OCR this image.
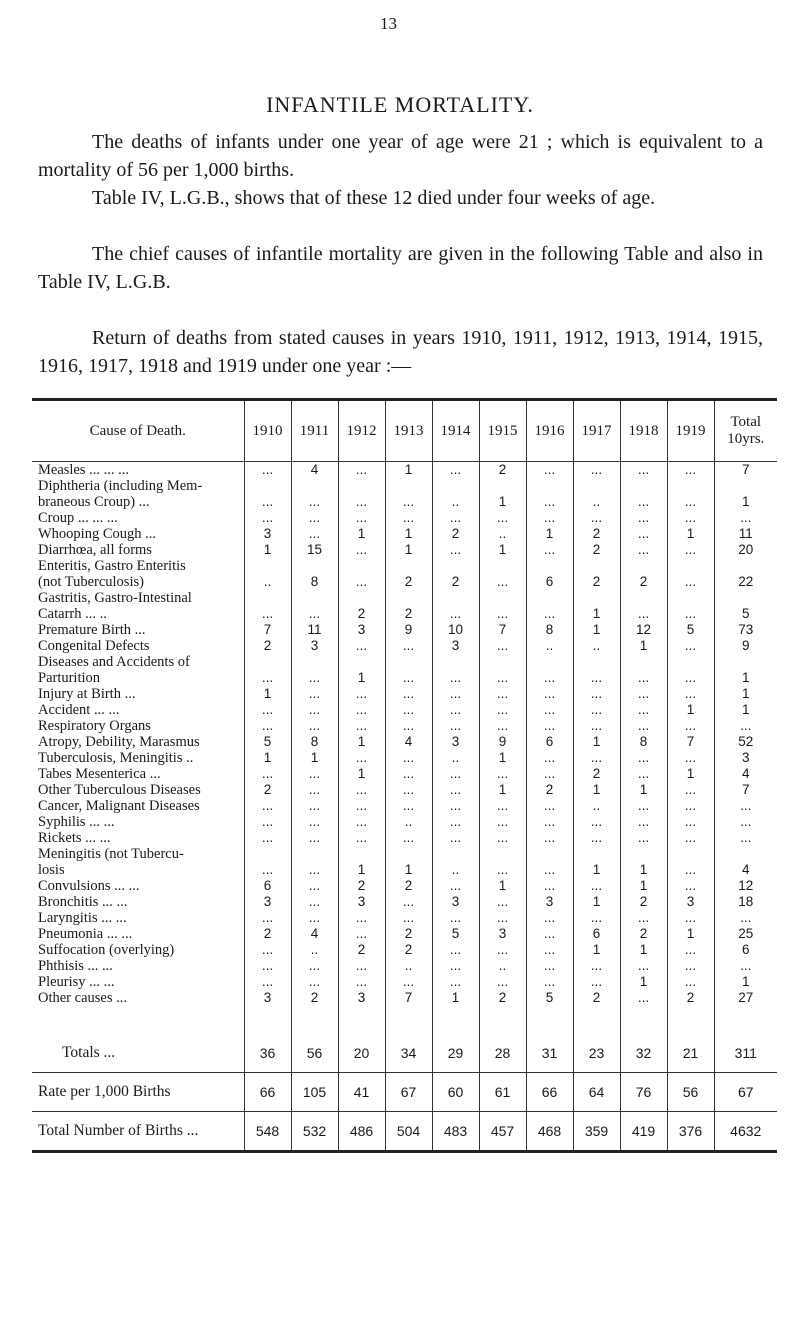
13
INFANTILE MORTALITY.
The deaths of infants under one year of age were 21 ; which is equivalent to a mortality of 56 per 1,000 births.
Table IV, L.G.B., shows that of these 12 died under four weeks of age.
The chief causes of infantile mortality are given in the following Table and also in Table IV, L.G.B.
Return of deaths from stated causes in years 1910, 1911, 1912, 1913, 1914, 1915, 1916, 1917, 1918 and 1919 under one year :—
Cause of Death.	1910	1911	1912	1913	1914	1915	1916	1917	1918	1919	Total 10yrs.
Measles ... ... ...	...	4	...	1	...	2	...	...	...	...	7
Diphtheria (including Mem-
braneous Croup) ...	...	...	...	...	..	1	...	..	...	...	1
Croup ... ... ...	...	...	...	...	...	...	...	...	...	...	...
Whooping Cough ...	3	...	1	1	2	..	1	2	...	1	11
Diarrhœa, all forms	1	15	...	1	...	1	...	2	...	...	20
Enteritis, Gastro Enteritis
(not Tuberculosis)	..	8	...	2	2	...	6	2	2	...	22
Gastritis, Gastro-Intestinal
Catarrh ... ..	...	...	2	2	...	...	...	1	...	...	5
Premature Birth ...	7	11	3	9	10	7	8	1	12	5	73
Congenital Defects	2	3	...	...	3	...	..	..	1	...	9
Diseases and Accidents of
Parturition	...	...	1	...	...	...	...	...	...	...	1
Injury at Birth ...	1	...	...	...	...	...	...	...	...	...	1
Accident ... ...	...	...	...	...	...	...	...	...	...	1	1
Respiratory Organs	...	...	...	...	...	...	...	...	...	...	...
Atropy, Debility, Marasmus	5	8	1	4	3	9	6	1	8	7	52
Tuberculosis, Meningitis ..	1	1	...	...	..	1	...	...	...	...	3
Tabes Mesenterica ...	...	...	1	...	...	...	...	2	...	1	4
Other Tuberculous Diseases	2	...	...	...	...	1	2	1	1	...	7
Cancer, Malignant Diseases	...	...	...	...	...	...	...	..	...	...	...
Syphilis ... ...	...	...	...	..	...	...	...	...	...	...	...
Rickets ... ...	...	...	...	...	...	...	...	...	...	...	...
Meningitis (not Tubercu-
losis	...	...	1	1	..	...	...	1	1	...	4
Convulsions ... ...	6	...	2	2	...	1	...	...	1	...	12
Bronchitis ... ...	3	...	3	...	3	...	3	1	2	3	18
Laryngitis ... ...	...	...	...	...	...	...	...	...	...	...	...
Pneumonia ... ...	2	4	...	2	5	3	...	6	2	1	25
Suffocation (overlying)	...	..	2	2	...	...	...	1	1	...	6
Phthisis ... ...	...	...	...	..	...	..	...	...	...	...	...
Pleurisy ... ...	...	...	...	...	...	...	...	...	1	...	1
Other causes ...	3	2	3	7	1	2	5	2	...	2	27

Totals ...	36	56	20	34	29	28	31	23	32	21	311
Rate per 1,000 Births	66	105	41	67	60	61	66	64	76	56	67
Total Number of Births ...	548	532	486	504	483	457	468	359	419	376	4632
